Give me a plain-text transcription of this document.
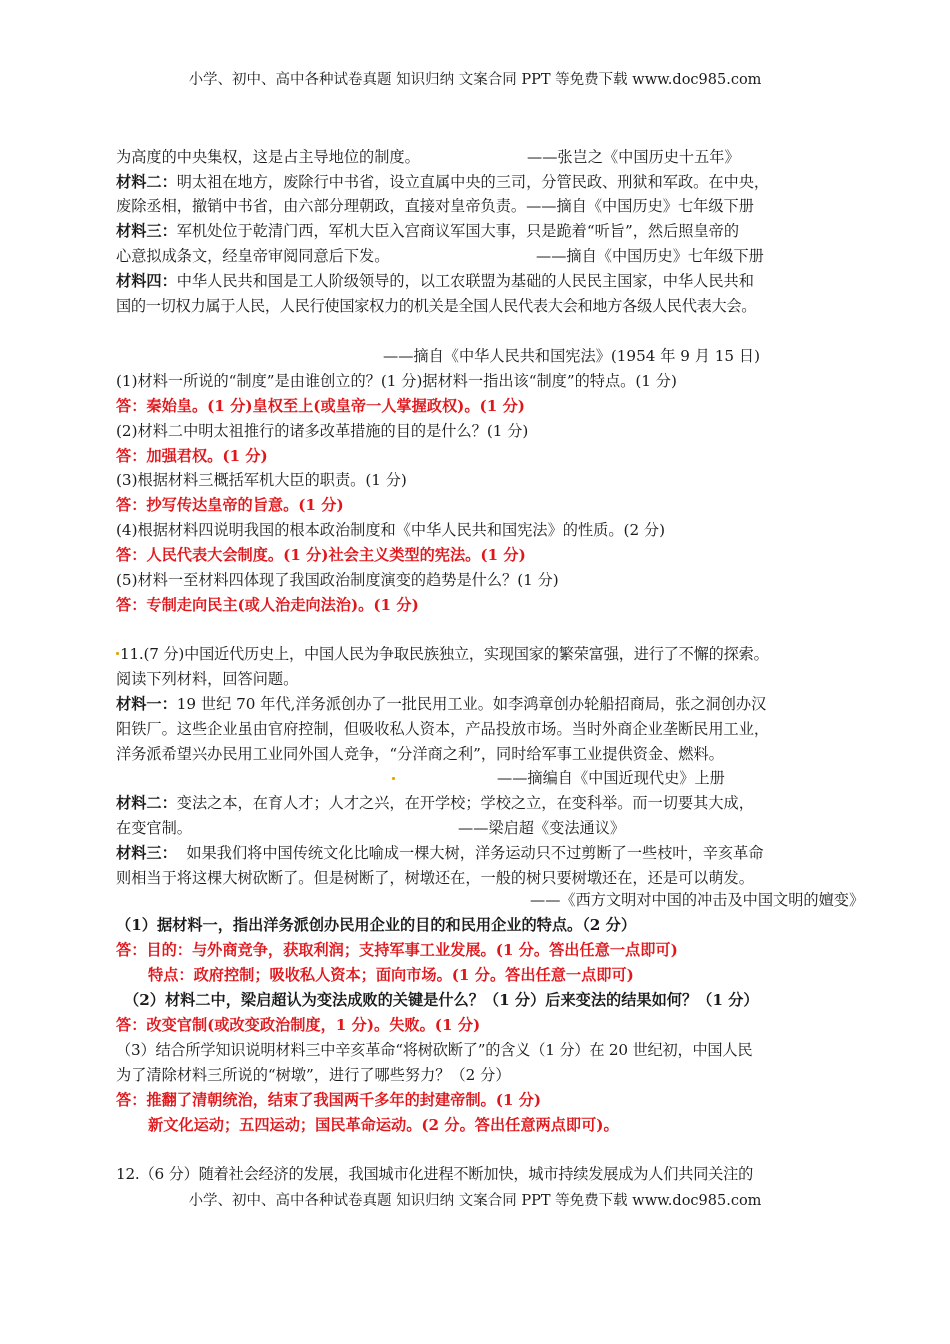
小学、初中、高中各种试卷真题 知识归纳 文案合同 PPT 等免费下载 www.doc985.com
为高度的中央集权，这是占主导地位的制度。	——张岂之《中国历史十五年》
材料二：明太祖在地方，废除行中书省，设立直属中央的三司，分管民政、刑狱和军政。在中央，
废除丞相，撤销中书省，由六部分理朝政，直接对皇帝负责。——摘自《中国历史》七年级下册
材料三：军机处位于乾清门西，军机大臣入宫商议军国大事，只是跪着“听旨”，然后照皇帝的
心意拟成条文，经皇帝审阅同意后下发。	——摘自《中国历史》七年级下册
材料四：中华人民共和国是工人阶级领导的，以工农联盟为基础的人民民主国家，中华人民共和
国的一切权力属于人民，人民行使国家权力的机关是全国人民代表大会和地方各级人民代表大会。
——摘自《中华人民共和国宪法》(1954 年 9 月 15 日)
(1)材料一所说的“制度”是由谁创立的？(1 分)据材料一指出该“制度”的特点。(1 分)
答：秦始皇。(1 分)皇权至上(或皇帝一人掌握政权)。(1 分)
(2)材料二中明太祖推行的诸多改革措施的目的是什么？(1 分)
答：加强君权。(1 分)
(3)根据材料三概括军机大臣的职责。(1 分)
答：抄写传达皇帝的旨意。(1 分)
(4)根据材料四说明我国的根本政治制度和《中华人民共和国宪法》的性质。(2 分)
答：人民代表大会制度。(1 分)社会主义类型的宪法。(1 分)
(5)材料一至材料四体现了我国政治制度演变的趋势是什么？(1 分)
答：专制走向民主(或人治走向法治)。(1 分)
11.(7 分)中国近代历史上，中国人民为争取民族独立，实现国家的繁荣富强，进行了不懈的探索。
阅读下列材料，回答问题。
材料一：19 世纪 70 年代,洋务派创办了一批民用工业。如李鸿章创办轮船招商局，张之洞创办汉
阳铁厂。这些企业虽由官府控制，但吸收私人资本，产品投放市场。当时外商企业垄断民用工业，
洋务派希望兴办民用工业同外国人竞争，“分洋商之利”，同时给军事工业提供资金、燃料。
——摘编自《中国近现代史》上册
材料二：变法之本，在育人才；人才之兴，在开学校；学校之立，在变科举。而一切要其大成，
在变官制。	——梁启超《变法通议》
材料三：  如果我们将中国传统文化比喻成一棵大树，洋务运动只不过剪断了一些枝叶，辛亥革命
则相当于将这棵大树砍断了。但是树断了，树墩还在，一般的树只要树墩还在，还是可以萌发。
——《西方文明对中国的冲击及中国文明的嬗变》
（1）据材料一，指出洋务派创办民用企业的目的和民用企业的特点。（2 分）
答：目的：与外商竞争，获取利润；支持军事工业发展。(1 分。答出任意一点即可)
特点：政府控制；吸收私人资本；面向市场。(1 分。答出任意一点即可)
（2）材料二中，梁启超认为变法成败的关键是什么？（1 分）后来变法的结果如何？（1 分）
答：改变官制(或改变政治制度，1 分)。失败。(1 分)
（3）结合所学知识说明材料三中辛亥革命“将树砍断了”的含义（1 分）在 20 世纪初，中国人民
为了清除材料三所说的“树墩”，进行了哪些努力？（2 分）
答：推翻了清朝统治，结束了我国两千多年的封建帝制。(1 分)
新文化运动；五四运动；国民革命运动。(2 分。答出任意两点即可)。
12.（6 分）随着社会经济的发展，我国城市化进程不断加快，城市持续发展成为人们共同关注的
小学、初中、高中各种试卷真题 知识归纳 文案合同 PPT 等免费下载 www.doc985.com
